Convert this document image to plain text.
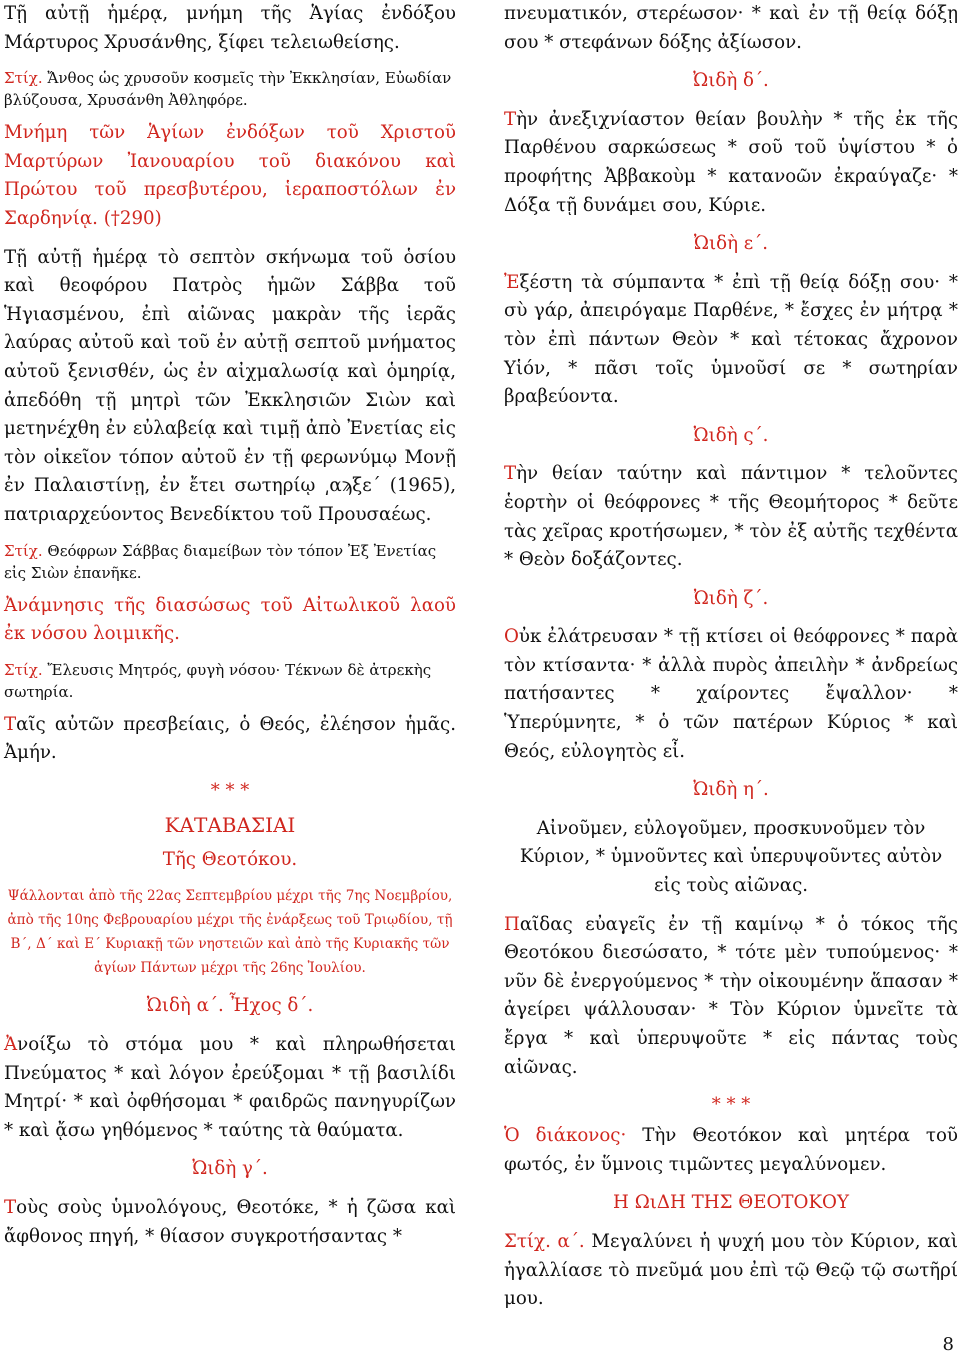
Τῇ αὐτῇ ἡμέρᾳ, μνήμη τῆς Ἁγίας ἐνδόξου Μάρτυρος Χρυσάνθης, ξίφει τελειωθείσης.

Στίχ. Ἄνθος ὡς χρυσοῦν κοσμεῖς τὴν Ἐκκλησίαν, Εὐωδίαν βλύζουσα, Χρυσάνθη Ἀθληφόρε.

Μνήμη τῶν Ἁγίων ἐνδόξων τοῦ Χριστοῦ Μαρτύρων Ἰανουαρίου τοῦ διακόνου καὶ Πρώτου τοῦ πρεσβυτέρου, ἱεραποστόλων ἐν Σαρδηνίᾳ. (†290)

Τῇ αὐτῇ ἡμέρᾳ τὸ σεπτὸν σκήνωμα τοῦ ὁσίου καὶ θεοφόρου Πατρὸς ἡμῶν Σάββα τοῦ Ἡγιασμένου, ἐπὶ αἰῶνας μακρὰν τῆς ἱερᾶς λαύρας αὐτοῦ καὶ τοῦ ἐν αὐτῇ σεπτοῦ μνήματος αὐτοῦ ξενισθέν, ὡς ἐν αἰχμαλωσίᾳ καὶ ὁμηρίᾳ, ἀπεδόθη τῇ μητρὶ τῶν Ἐκκλησιῶν Σιὼν καὶ μετηνέχθη ἐν εὐλαβείᾳ καὶ τιμῇ ἀπὸ Ἐνετίας εἰς τὸν οἰκεῖον τόπον αὐτοῦ ἐν τῇ φερωνύμῳ Μονῇ ἐν Παλαιστίνῃ, ἐν ἔτει σωτηρίῳ ͵αϡξε΄ (1965), πατριαρχεύοντος Βενεδίκτου τοῦ Προυσαέως.

Στίχ. Θεόφρων Σάββας διαμείβων τὸν τόπον Ἐξ Ἐνετίας εἰς Σιὼν ἐπανῆκε.

Ἀνάμνησις τῆς διασώσως τοῦ Αἰτωλικοῦ λαοῦ ἐκ νόσου λοιμικῆς.

Στίχ. Ἔλευσις Μητρός, φυγὴ νόσου· Τέκνων δὲ ἀτρεκὴς σωτηρία.

Ταῖς αὐτῶν πρεσβείαις, ὁ Θεός, ἐλέησον ἡμᾶς. Ἀμήν.

* * *

ΚΑΤΑΒΑΣΙΑΙ

Τῆς Θεοτόκου.

Ψάλλονται ἀπὸ τῆς 22ας Σεπτεμβρίου μέχρι τῆς 7ης Νοεμβρίου, ἀπὸ τῆς 10ης Φεβρουαρίου μέχρι τῆς ἐνάρξεως τοῦ Τριῳδίου, τῇ Β΄, Δ΄ καὶ Ε΄ Κυριακῇ τῶν νηστειῶν καὶ ἀπὸ τῆς Κυριακῆς τῶν ἁγίων Πάντων μέχρι τῆς 26ης Ἰουλίου.

Ὠιδὴ α΄. Ἦχος δ΄.

Ἀνοίξω τὸ στόμα μου * καὶ πληρωθήσεται Πνεύματος * καὶ λόγον ἐρεύξομαι * τῇ βασιλίδι Μητρί· * καὶ ὀφθήσομαι * φαιδρῶς πανηγυρίζων * καὶ ᾄσω γηθόμενος * ταύτης τὰ θαύματα.

Ὠιδὴ γ΄.

Τοὺς σοὺς ὑμνολόγους, Θεοτόκε, * ἡ ζῶσα καὶ ἄφθονος πηγή, * θίασον συγκροτήσαντας *

πνευματικόν, στερέωσον· * καὶ ἐν τῇ θείᾳ δόξῃ σου * στεφάνων δόξης ἀξίωσον.

Ὠιδὴ δ΄.

Τὴν ἀνεξιχνίαστον θείαν βουλὴν * τῆς ἐκ τῆς Παρθένου σαρκώσεως * σοῦ τοῦ ὑψίστου * ὁ προφήτης Ἀββακοὺμ * κατανοῶν ἐκραύγαζε· * Δόξα τῇ δυνάμει σου, Κύριε.

Ὠιδὴ ε΄.

Ἐξέστη τὰ σύμπαντα * ἐπὶ τῇ θείᾳ δόξῃ σου· * σὺ γάρ, ἀπειρόγαμε Παρθένε, * ἔσχες ἐν μήτρᾳ * τὸν ἐπὶ πάντων Θεὸν * καὶ τέτοκας ἄχρονον Υἱόν, * πᾶσι τοῖς ὑμνοῦσί σε * σωτηρίαν βραβεύοντα.

Ὠιδὴ ς΄.

Τὴν θείαν ταύτην καὶ πάντιμον * τελοῦντες ἑορτὴν οἱ θεόφρονες * τῆς Θεομήτορος * δεῦτε τὰς χεῖρας κροτήσωμεν, * τὸν ἐξ αὐτῆς τεχθέντα * Θεὸν δοξάζοντες.

Ὠιδὴ ζ΄.

Οὐκ ἐλάτρευσαν * τῇ κτίσει οἱ θεόφρονες * παρὰ τὸν κτίσαντα· * ἀλλὰ πυρὸς ἀπειλὴν * ἀνδρείως πατήσαντες * χαίροντες ἔψαλλον· * Ὑπερύμνητε, * ὁ τῶν πατέρων Κύριος * καὶ Θεός, εὐλογητὸς εἶ.

Ὠιδὴ η΄.

Αἰνοῦμεν, εὐλογοῦμεν, προσκυνοῦμεν τὸν Κύριον, * ὑμνοῦντες καὶ ὑπερυψοῦντες αὐτὸν εἰς τοὺς αἰῶνας.

Παῖδας εὐαγεῖς ἐν τῇ καμίνῳ * ὁ τόκος τῆς Θεοτόκου διεσώσατο, * τότε μὲν τυπούμενος· * νῦν δὲ ἐνεργούμενος * τὴν οἰκουμένην ἅπασαν * ἀγείρει ψάλλουσαν· * Τὸν Κύριον ὑμνεῖτε τὰ ἔργα * καὶ ὑπερυψοῦτε * εἰς πάντας τοὺς αἰῶνας.

* * *

Ὁ διάκονος· Τὴν Θεοτόκον καὶ μητέρα τοῦ φωτός, ἐν ὕμνοις τιμῶντες μεγαλύνομεν.

Η ΩιΔΗ ΤΗΣ ΘΕΟΤΟΚΟΥ

Στίχ. α΄. Μεγαλύνει ἡ ψυχή μου τὸν Κύριον, καὶ ἠγαλλίασε τὸ πνεῦμά μου ἐπὶ τῷ Θεῷ τῷ σωτῆρί μου.

8
